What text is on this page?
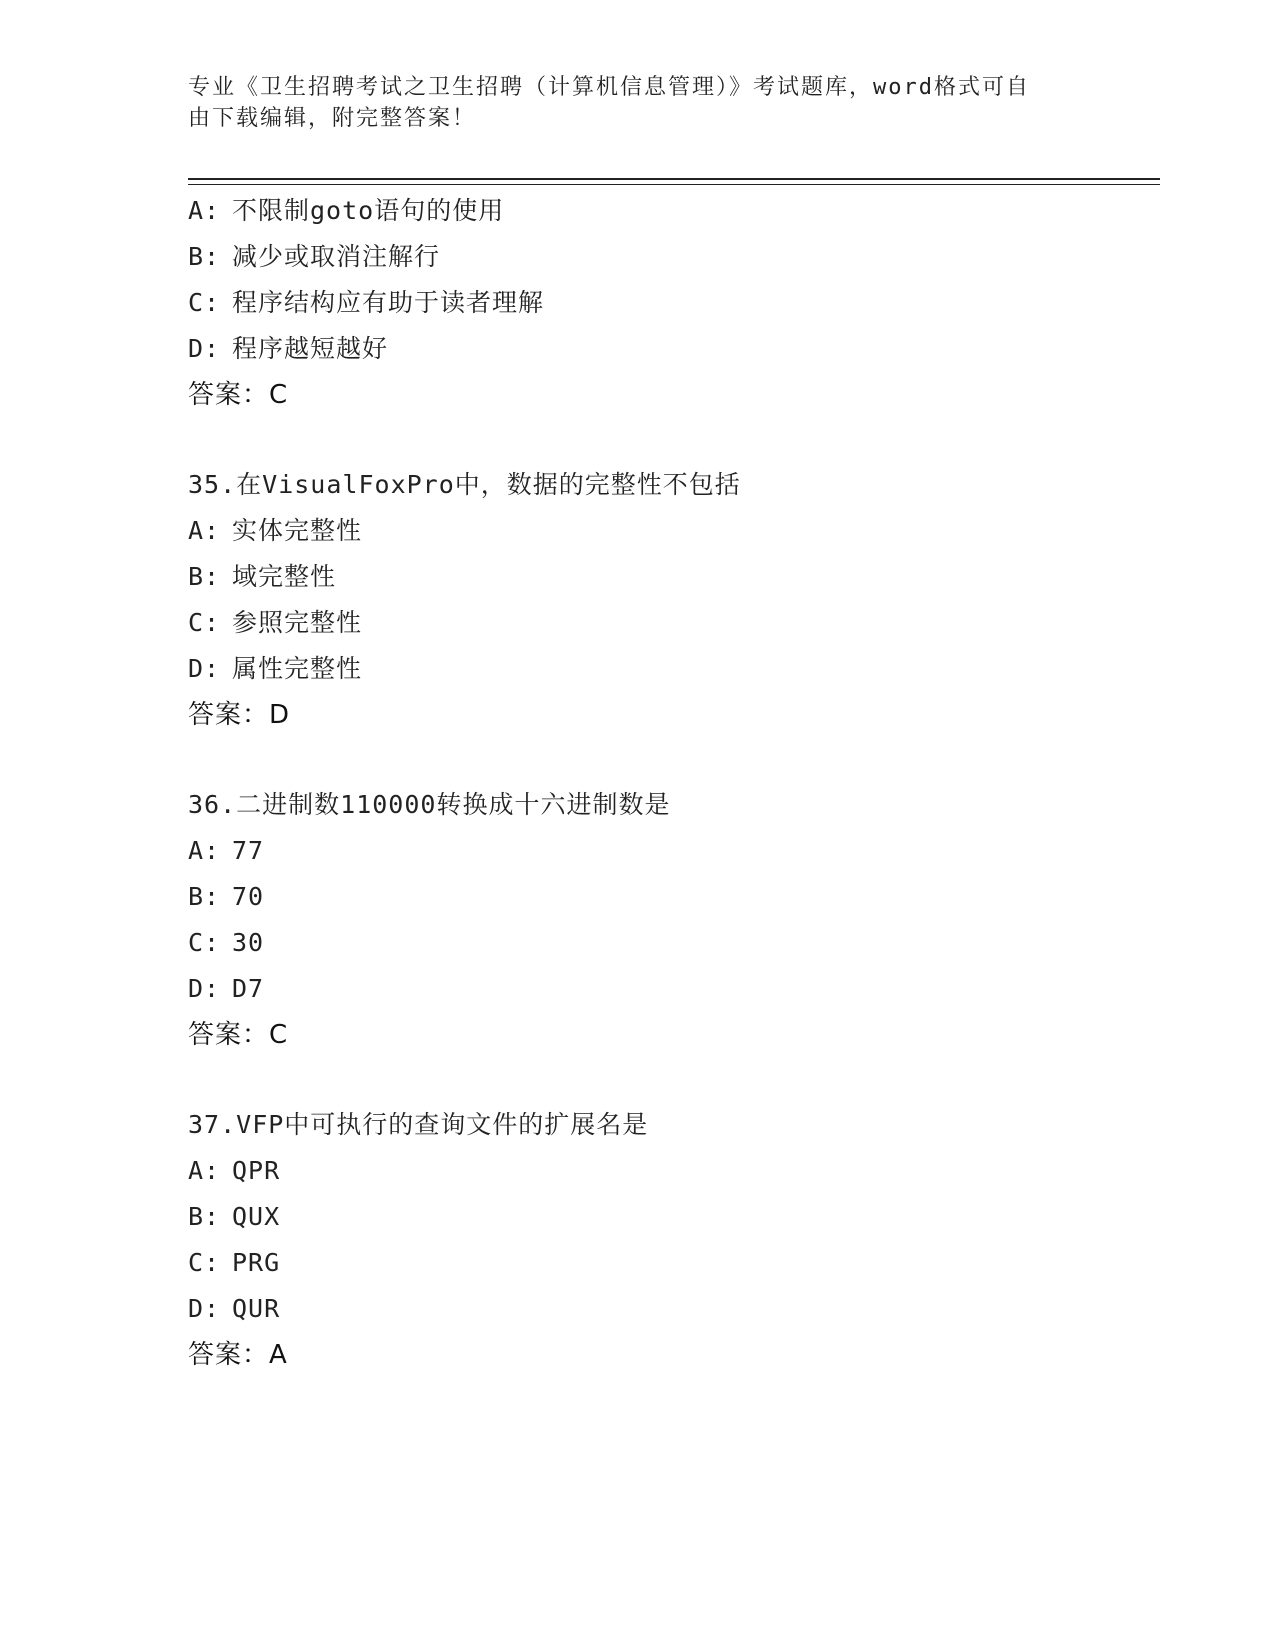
专业《卫生招聘考试之卫生招聘（计算机信息管理）》考试题库，word格式可自
由下载编辑，附完整答案！
A: 不限制goto语句的使用
B: 减少或取消注解行
C: 程序结构应有助于读者理解
D: 程序越短越好
答案：C
35.在VisualFoxPro中，数据的完整性不包括
A: 实体完整性
B: 域完整性
C: 参照完整性
D: 属性完整性
答案：D
36.二进制数110000转换成十六进制数是
A: 77
B: 70
C: 30
D: D7
答案：C
37.VFP中可执行的查询文件的扩展名是
A: QPR
B: QUX
C: PRG
D: QUR
答案：A
